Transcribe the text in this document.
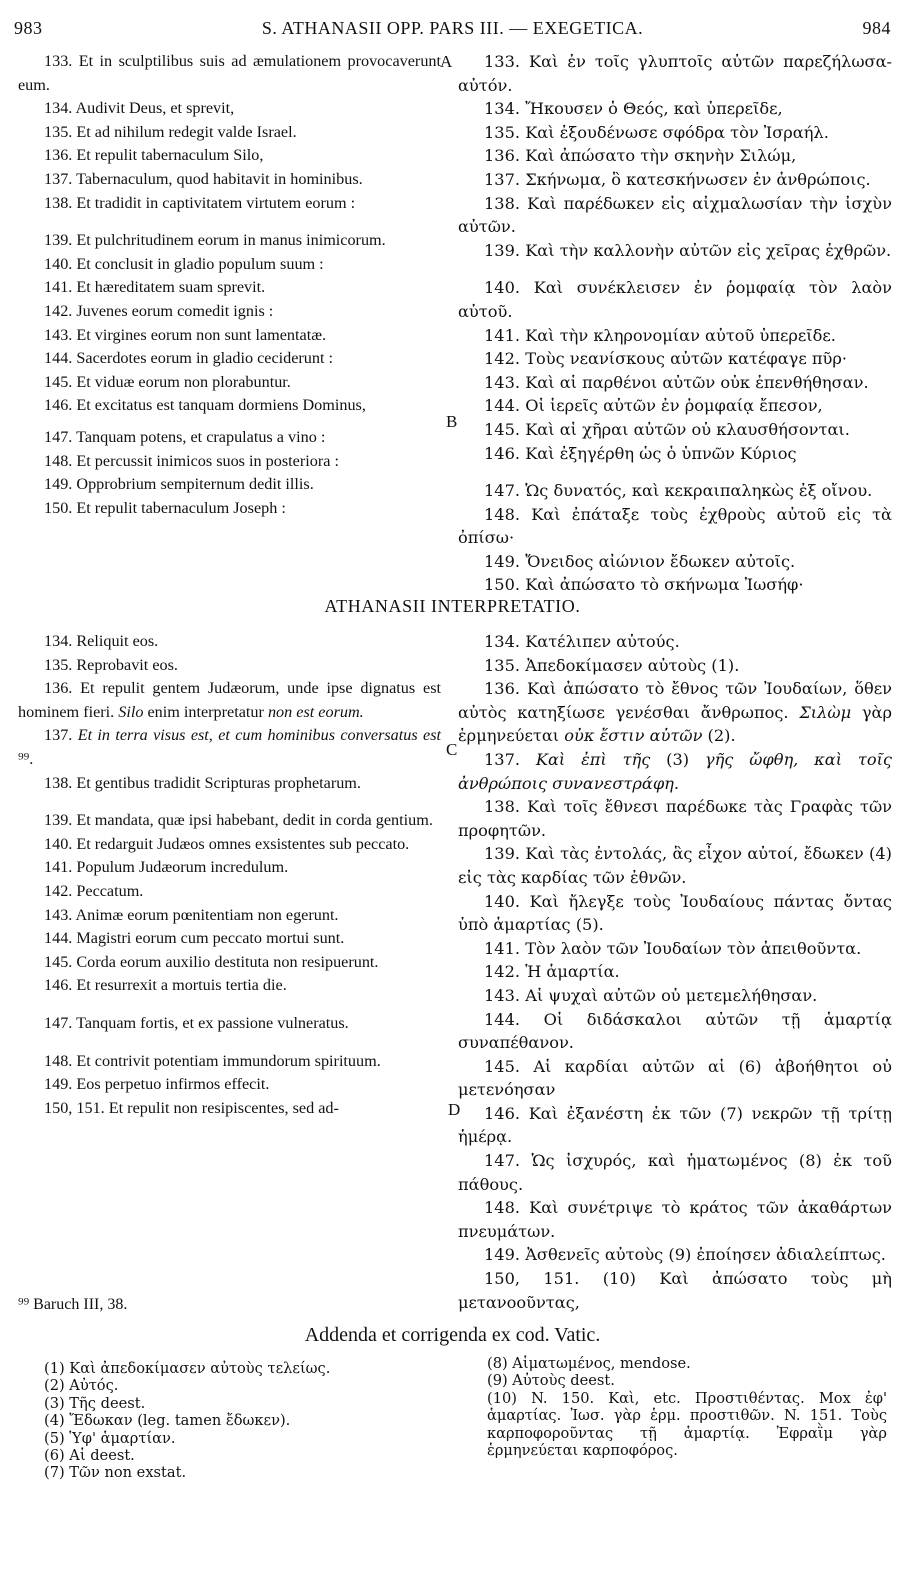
S. ATHANASII OPP. PARS III. — EXEGETICA.
983	984
133. Et in sculptilibus suis ad æmulationem provocaverunt eum.
134. Audivit Deus, et sprevit,
135. Et ad nihilum redegit valde Israel.
136. Et repulit tabernaculum Silo,
137. Tabernaculum, quod habitavit in hominibus.
138. Et tradidit in captivitatem virtutem eorum :
139. Et pulchritudinem eorum in manus inimicorum.
140. Et conclusit in gladio populum suum :
141. Et hæreditatem suam sprevit.
142. Juvenes eorum comedit ignis :
143. Et virgines eorum non sunt lamentatæ.
144. Sacerdotes eorum in gladio ceciderunt :
145. Et viduæ eorum non plorabuntur.
146. Et excitatus est tanquam dormiens Dominus,
147. Tanquam potens, et crapulatus a vino :
148. Et percussit inimicos suos in posteriora :
149. Opprobrium sempiternum dedit illis.
150. Et repulit tabernaculum Joseph :
133. Καὶ ἐν τοῖς γλυπτοῖς αὐτῶν παρεζήλωσα- αὐτόν.
134. Ἤκουσεν ὁ Θεός, καὶ ὑπερεῖδε,
135. Καὶ ἐξουδένωσε σφόδρα τὸν Ἰσραήλ.
136. Καὶ ἀπώσατο τὴν σκηνὴν Σιλώμ,
137. Σκήνωμα, ὃ κατεσκήνωσεν ἐν ἀνθρώποις.
138. Καὶ παρέδωκεν εἰς αἰχμαλωσίαν τὴν ἰσχὺν αὐτῶν.
139. Καὶ τὴν καλλονὴν αὐτῶν εἰς χεῖρας ἐχθρῶν.
140. Καὶ συνέκλεισεν ἐν ῥομφαίᾳ τὸν λαὸν αὐτοῦ.
141. Καὶ τὴν κληρονομίαν αὐτοῦ ὑπερεῖδε.
142. Τοὺς νεανίσκους αὐτῶν κατέφαγε πῦρ·
143. Καὶ αἱ παρθένοι αὐτῶν οὐκ ἐπενθήθησαν.
144. Οἱ ἱερεῖς αὐτῶν ἐν ῥομφαίᾳ ἔπεσον,
145. Καὶ αἱ χῆραι αὐτῶν οὐ κλαυσθήσονται.
146. Καὶ ἐξηγέρθη ὡς ὁ ὑπνῶν Κύριος
147. Ὡς δυνατός, καὶ κεκραιπαληκὼς ἐξ οἴνου.
148. Καὶ ἐπάταξε τοὺς ἐχθροὺς αὐτοῦ εἰς τὰ ὀπίσω·
149. Ὄνειδος αἰώνιον ἔδωκεν αὐτοῖς.
150. Καὶ ἀπώσατο τὸ σκήνωμα Ἰωσήφ·
A
B
ATHANASII INTERPRETATIO.
134. Reliquit eos.
135. Reprobavit eos.
136. Et repulit gentem Judæorum, unde ipse dignatus est hominem fieri. Silo enim interpretatur non est eorum.
137. Et in terra visus est, et cum hominibus conversatus est ⁹⁹.
138. Et gentibus tradidit Scripturas prophetarum.
139. Et mandata, quæ ipsi habebant, dedit in corda gentium.
140. Et redarguit Judæos omnes exsistentes sub peccato.
141. Populum Judæorum incredulum.
142. Peccatum.
143. Animæ eorum pœnitentiam non egerunt.
144. Magistri eorum cum peccato mortui sunt.
145. Corda eorum auxilio destituta non resipuerunt.
146. Et resurrexit a mortuis tertia die.
147. Tanquam fortis, et ex passione vulneratus.
148. Et contrivit potentiam immundorum spirituum.
149. Eos perpetuo infirmos effecit.
150, 151. Et repulit non resipiscentes, sed ad-
134. Κατέλιπεν αὐτούς.
135. Ἀπεδοκίμασεν αὐτοὺς (1).
136. Καὶ ἀπώσατο τὸ ἔθνος τῶν Ἰουδαίων, ὅθεν αὐτὸς κατηξίωσε γενέσθαι ἄνθρωπος. Σιλὼμ γὰρ ἑρμηνεύεται οὐκ ἔστιν αὐτῶν (2).
137. Καὶ ἐπὶ τῆς (3) γῆς ὤφθη, καὶ τοῖς ἀνθρώποις συνανεστράφη.
138. Καὶ τοῖς ἔθνεσι παρέδωκε τὰς Γραφὰς τῶν προφητῶν.
139. Καὶ τὰς ἐντολάς, ἃς εἶχον αὐτοί, ἔδωκεν (4) εἰς τὰς καρδίας τῶν ἐθνῶν.
140. Καὶ ἤλεγξε τοὺς Ἰουδαίους πάντας ὄντας ὑπὸ ἁμαρτίας (5).
141. Τὸν λαὸν τῶν Ἰουδαίων τὸν ἀπειθοῦντα.
142. Ἡ ἁμαρτία.
143. Αἱ ψυχαὶ αὐτῶν οὐ μετεμελήθησαν.
144. Οἱ διδάσκαλοι αὐτῶν τῇ ἁμαρτίᾳ συναπέθανον.
145. Αἱ καρδίαι αὐτῶν αἱ (6) ἀβοήθητοι οὐ μετενόησαν
146. Καὶ ἐξανέστη ἐκ τῶν (7) νεκρῶν τῇ τρίτῃ ἡμέρᾳ.
147. Ὡς ἰσχυρός, καὶ ἡματωμένος (8) ἐκ τοῦ πάθους.
148. Καὶ συνέτριψε τὸ κράτος τῶν ἀκαθάρτων πνευμάτων.
149. Ἀσθενεῖς αὐτοὺς (9) ἐποίησεν ἀδιαλείπτως.
150, 151. (10) Καὶ ἀπώσατο τοὺς μὴ μετανοοῦντας,
C
D
⁹⁹ Baruch III, 38.
Addenda et corrigenda ex cod. Vatic.
(1) Καὶ ἀπεδοκίμασεν αὐτοὺς τελείως.
(2) Αὐτός.
(3) Τῆς deest.
(4) Ἔδωκαν (leg. tamen ἔδωκεν).
(5) Ὑφ' ἁμαρτίαν.
(6) Αἱ deest.
(7) Τῶν non exstat.
(8) Αἱματωμένος, mendose.
(9) Αὐτοὺς deest.
(10) N. 150. Καὶ, etc. Προστιθέντας. Mox ἐφ' ἁμαρτίας. Ἰωσ. γὰρ ἑρμ. προστιθῶν. N. 151. Τοὺς καρποφοροῦντας τῇ ἁμαρτίᾳ. Ἐφραῒμ γὰρ ἑρμηνεύεται καρποφόρος.
